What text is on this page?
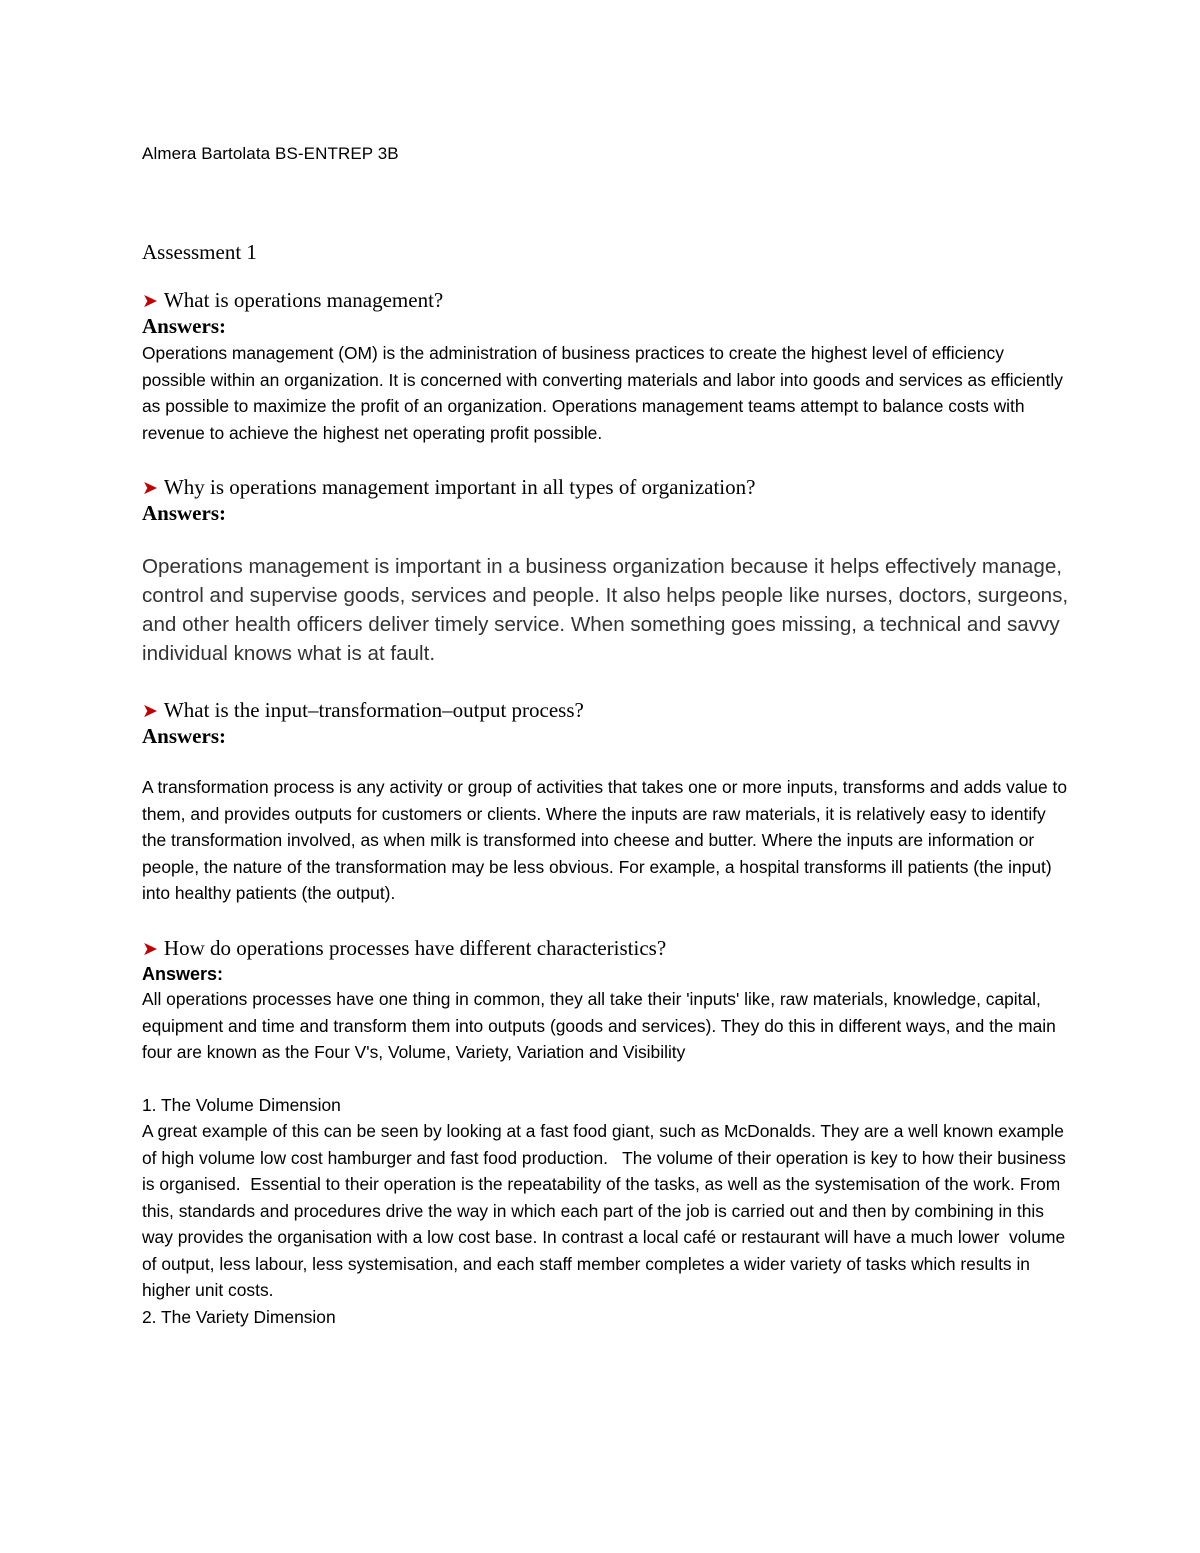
Almera Bartolata BS-ENTREP 3B

Assessment 1

➤ What is operations management?

Answers:

Operations management (OM) is the administration of business practices to create the highest level of efficiency possible within an organization. It is concerned with converting materials and labor into goods and services as efficiently as possible to maximize the profit of an organization. Operations management teams attempt to balance costs with revenue to achieve the highest net operating profit possible.

➤ Why is operations management important in all types of organization?

Answers:

Operations management is important in a business organization because it helps effectively manage, control and supervise goods, services and people. It also helps people like nurses, doctors, surgeons, and other health officers deliver timely service. When something goes missing, a technical and savvy individual knows what is at fault.

➤ What is the input–transformation–output process?

Answers:

A transformation process is any activity or group of activities that takes one or more inputs, transforms and adds value to them, and provides outputs for customers or clients. Where the inputs are raw materials, it is relatively easy to identify the transformation involved, as when milk is transformed into cheese and butter. Where the inputs are information or people, the nature of the transformation may be less obvious. For example, a hospital transforms ill patients (the input) into healthy patients (the output).

➤ How do operations processes have different characteristics?

Answers:

All operations processes have one thing in common, they all take their 'inputs' like, raw materials, knowledge, capital, equipment and time and transform them into outputs (goods and services). They do this in different ways, and the main four are known as the Four V's, Volume, Variety, Variation and Visibility

1. The Volume Dimension

A great example of this can be seen by looking at a fast food giant, such as McDonalds. They are a well known example of high volume low cost hamburger and fast food production.   The volume of their operation is key to how their business is organised.  Essential to their operation is the repeatability of the tasks, as well as the systemisation of the work. From this, standards and procedures drive the way in which each part of the job is carried out and then by combining in this way provides the organisation with a low cost base. In contrast a local café or restaurant will have a much lower  volume of output, less labour, less systemisation, and each staff member completes a wider variety of tasks which results in higher unit costs.

2. The Variety Dimension
